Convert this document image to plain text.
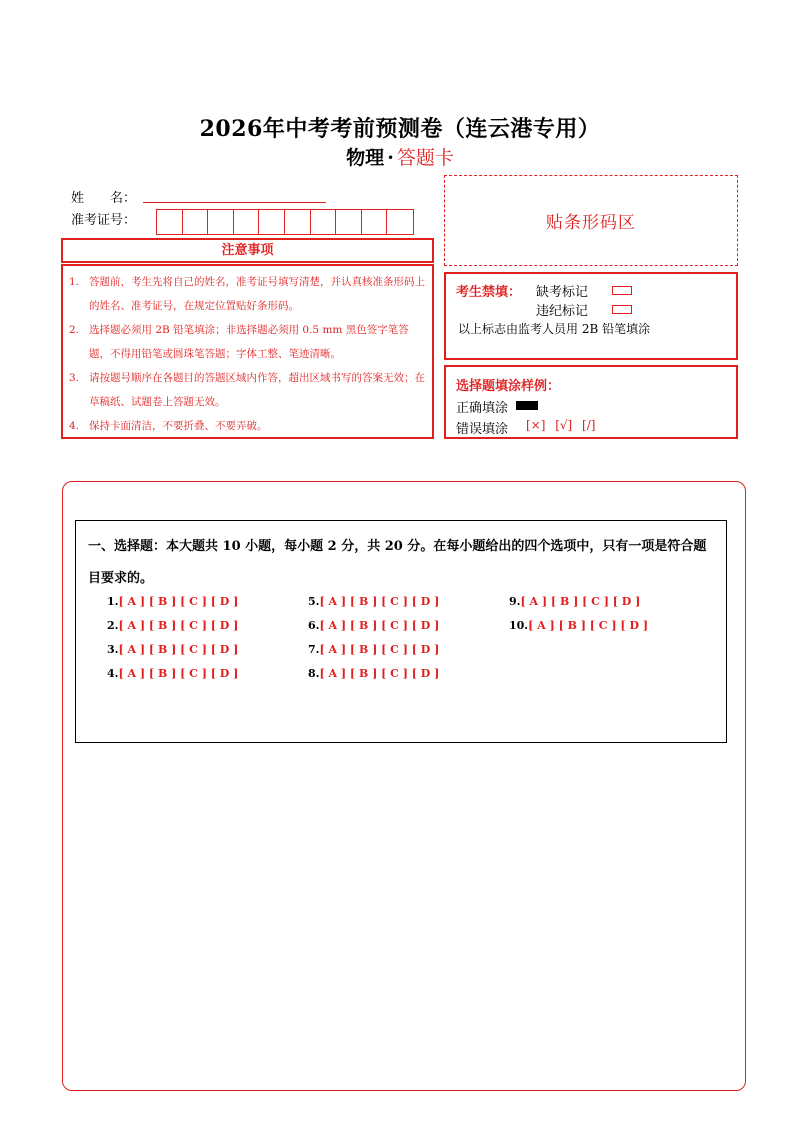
2026年中考考前预测卷（连云港专用）
物理 · 答题卡
姓　　名：
准考证号：	贴条形码区
注意事项
1. 答题前，考生先将自己的姓名，准考证号填写清楚，并认真核准条形码上的姓名、准考证号，在规定位置贴好条形码。
2. 选择题必须用 2B 铅笔填涂；非选择题必须用 0.5 mm 黑色签字笔答题，不得用铅笔或圆珠笔答题；字体工整、笔迹清晰。
3. 请按题号顺序在各题目的答题区域内作答，超出区域书写的答案无效；在草稿纸、试题卷上答题无效。
4. 保持卡面清洁，不要折叠、不要弄破。
考生禁填： 缺考标记
违纪标记
以上标志由监考人员用 2B 铅笔填涂
选择题填涂样例：
正确填涂
错误填涂 [×] [√] [/]
一、选择题：本大题共 10 小题，每小题 2 分，共 20 分。在每小题给出的四个选项中，只有一项是符合题目要求的。
1.[ A ] [ B ] [ C ] [ D ]
2.[ A ] [ B ] [ C ] [ D ]
3.[ A ] [ B ] [ C ] [ D ]
4.[ A ] [ B ] [ C ] [ D ]
5.[ A ] [ B ] [ C ] [ D ]
6.[ A ] [ B ] [ C ] [ D ]
7.[ A ] [ B ] [ C ] [ D ]
8.[ A ] [ B ] [ C ] [ D ]
9.[ A ] [ B ] [ C ] [ D ]
10.[ A ] [ B ] [ C ] [ D ]
